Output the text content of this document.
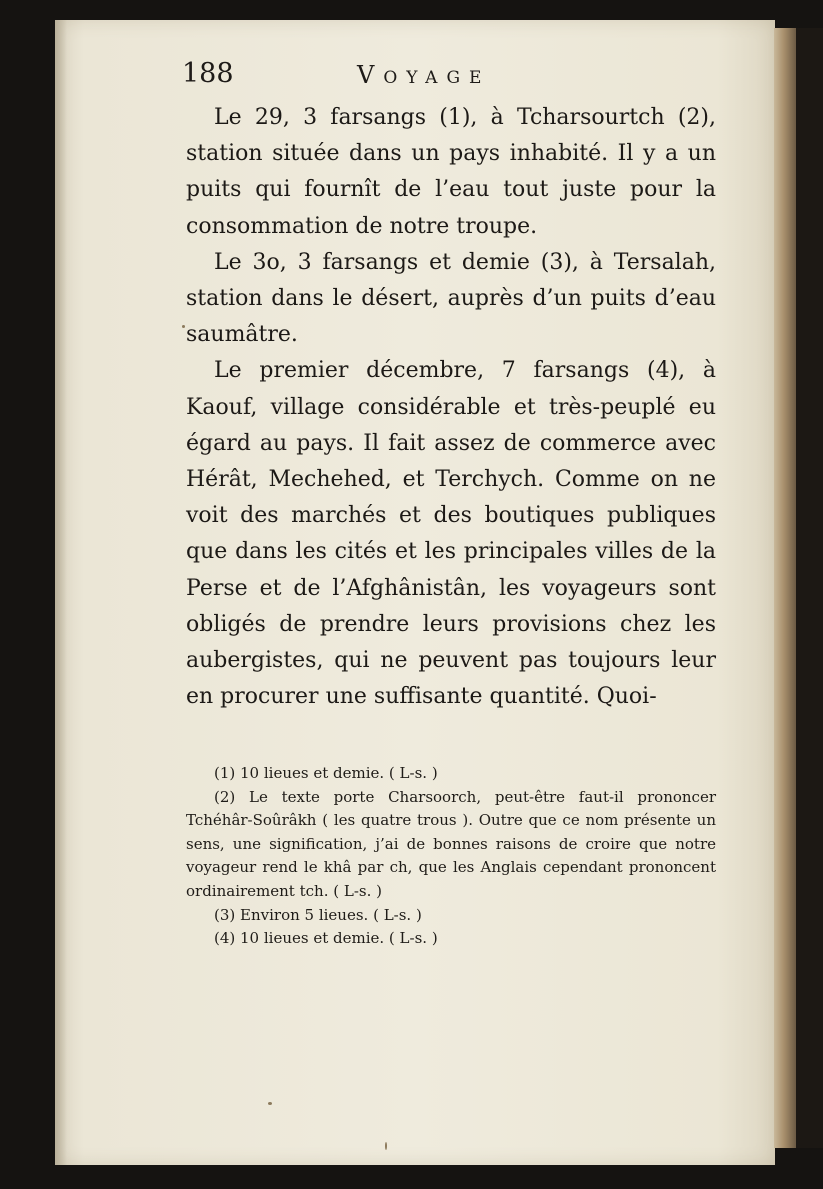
188	Voyage

Le 29, 3 farsangs (1), à Tcharsourtch (2), station située dans un pays inhabité. Il y a un puits qui fournît de l’eau tout juste pour la consommation de notre troupe.

Le 3o, 3 farsangs et demie (3), à Tersalah, station dans le désert, auprès d’un puits d’eau saumâtre.

Le premier décembre, 7 farsangs (4), à Kaouf, village considérable et très-peuplé eu égard au pays. Il fait assez de commerce avec Hérât, Mechehed, et Terchych. Comme on ne voit des marchés et des boutiques publiques que dans les cités et les principales villes de la Perse et de l’Afghânistân, les voyageurs sont obligés de prendre leurs provisions chez les aubergistes, qui ne peuvent pas toujours leur en procurer une suffisante quantité. Quoi-

(1) 10 lieues et demie. ( L-s. )

(2) Le texte porte Charsoorch, peut-être faut-il prononcer Tchéhâr-Soûrâkh ( les quatre trous ). Outre que ce nom présente un sens, une signification, j’ai de bonnes raisons de croire que notre voyageur rend le khâ par ch, que les Anglais cependant prononcent ordinairement tch. ( L-s. )

(3) Environ 5 lieues. ( L-s. )

(4) 10 lieues et demie. ( L-s. )
